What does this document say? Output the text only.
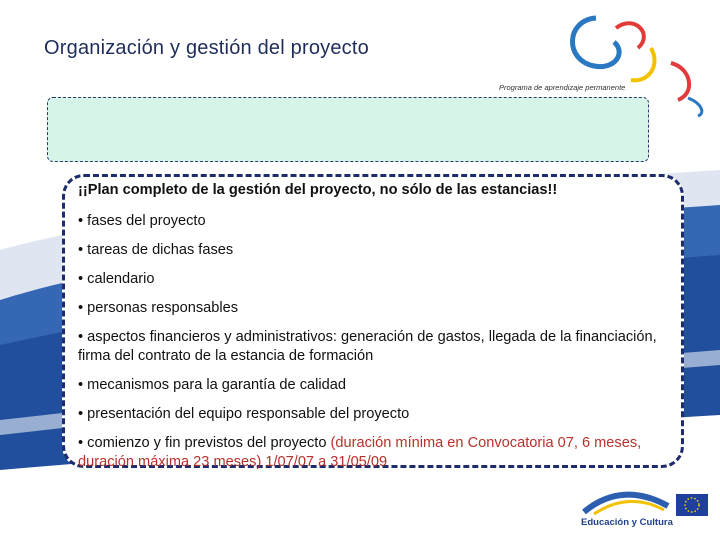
Organización y gestión del proyecto
Programa de aprendizaje permanente

¡¡Plan completo de la gestión del proyecto, no sólo de las estancias!!

• fases del proyecto

• tareas de dichas fases

• calendario

• personas responsables

• aspectos financieros y administrativos: generación de gastos, llegada de la financiación, firma del contrato de la estancia de formación

• mecanismos para la garantía de calidad

• presentación del equipo responsable del proyecto

• comienzo y fin previstos del proyecto (duración mínima en Convocatoria 07, 6 meses, duración máxima 23 meses) 1/07/07 a 31/05/09

Educación y Cultura
